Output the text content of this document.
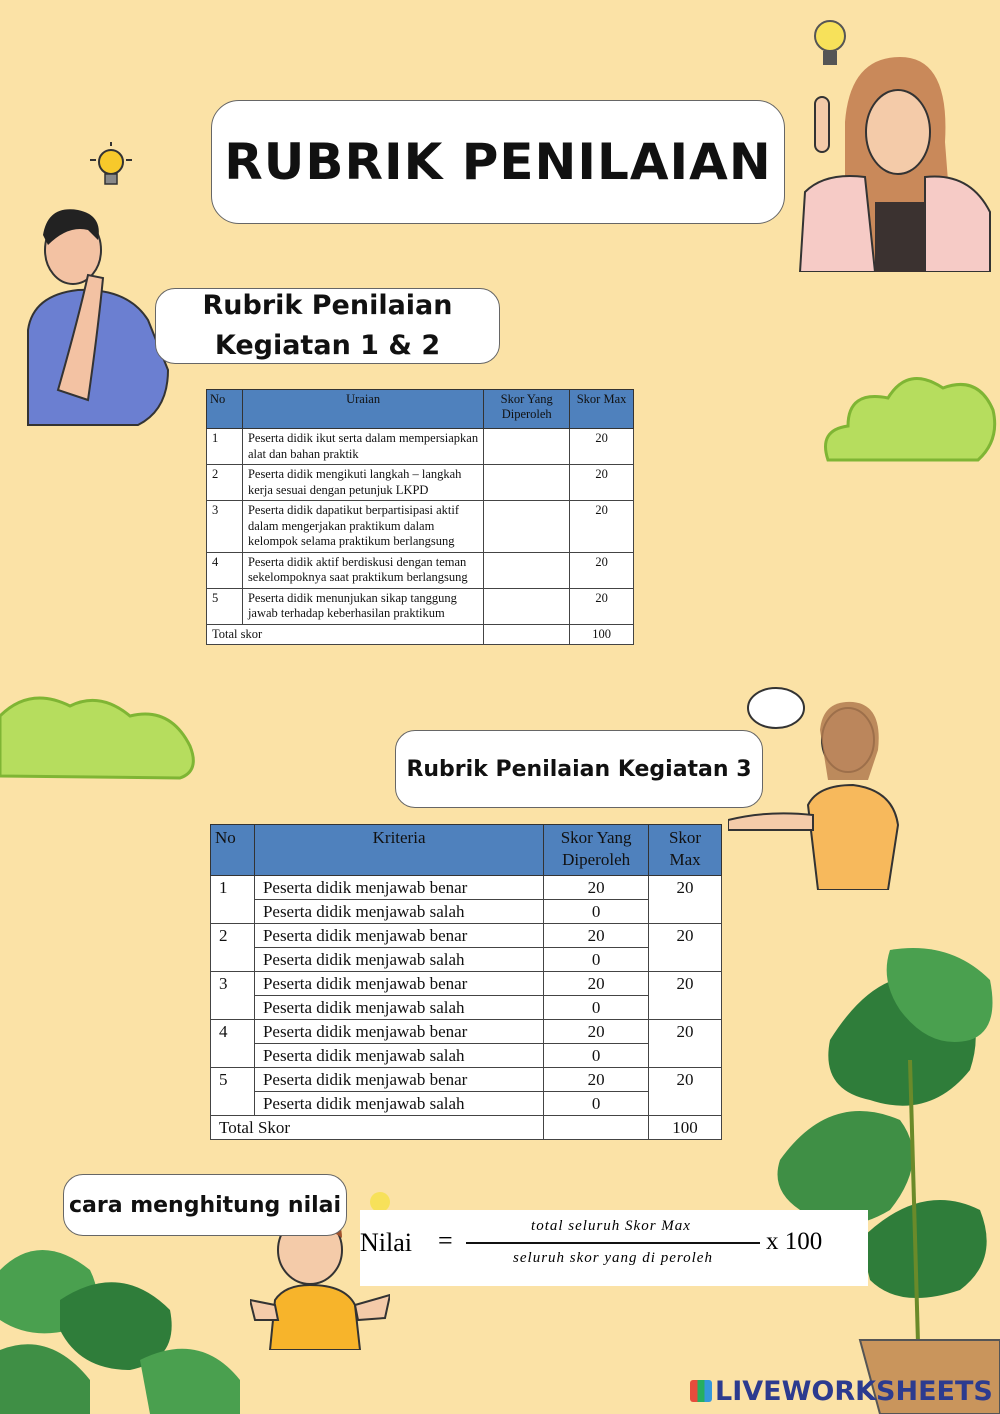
RUBRIK PENILAIAN
Rubrik Penilaian
Kegiatan 1 & 2
No	Uraian	Skor Yang Diperoleh	Skor Max
1	Peserta didik ikut serta dalam mempersiapkan alat dan bahan praktik		20
2	Peserta didik mengikuti langkah – langkah kerja sesuai dengan petunjuk LKPD		20
3	Peserta didik dapatikut berpartisipasi aktif dalam mengerjakan praktikum dalam kelompok selama praktikum berlangsung		20
4	Peserta didik aktif berdiskusi dengan teman sekelompoknya saat praktikum berlangsung		20
5	Peserta didik menunjukan sikap tanggung jawab terhadap keberhasilan praktikum		20
Total skor			100
Rubrik Penilaian Kegiatan 3
No	Kriteria	Skor Yang Diperoleh	Skor Max
1	Peserta didik menjawab benar	20	20
	Peserta didik menjawab salah	0	
2	Peserta didik menjawab benar	20	20
	Peserta didik menjawab salah	0	
3	Peserta didik menjawab benar	20	20
	Peserta didik menjawab salah	0	
4	Peserta didik menjawab benar	20	20
	Peserta didik menjawab salah	0	
5	Peserta didik menjawab benar	20	20
	Peserta didik menjawab salah	0	
Total Skor			100
cara menghitung nilai
Nilai =	total seluruh Skor Max
seluruh skor yang di peroleh
x 100
LIVEWORKSHEETS
